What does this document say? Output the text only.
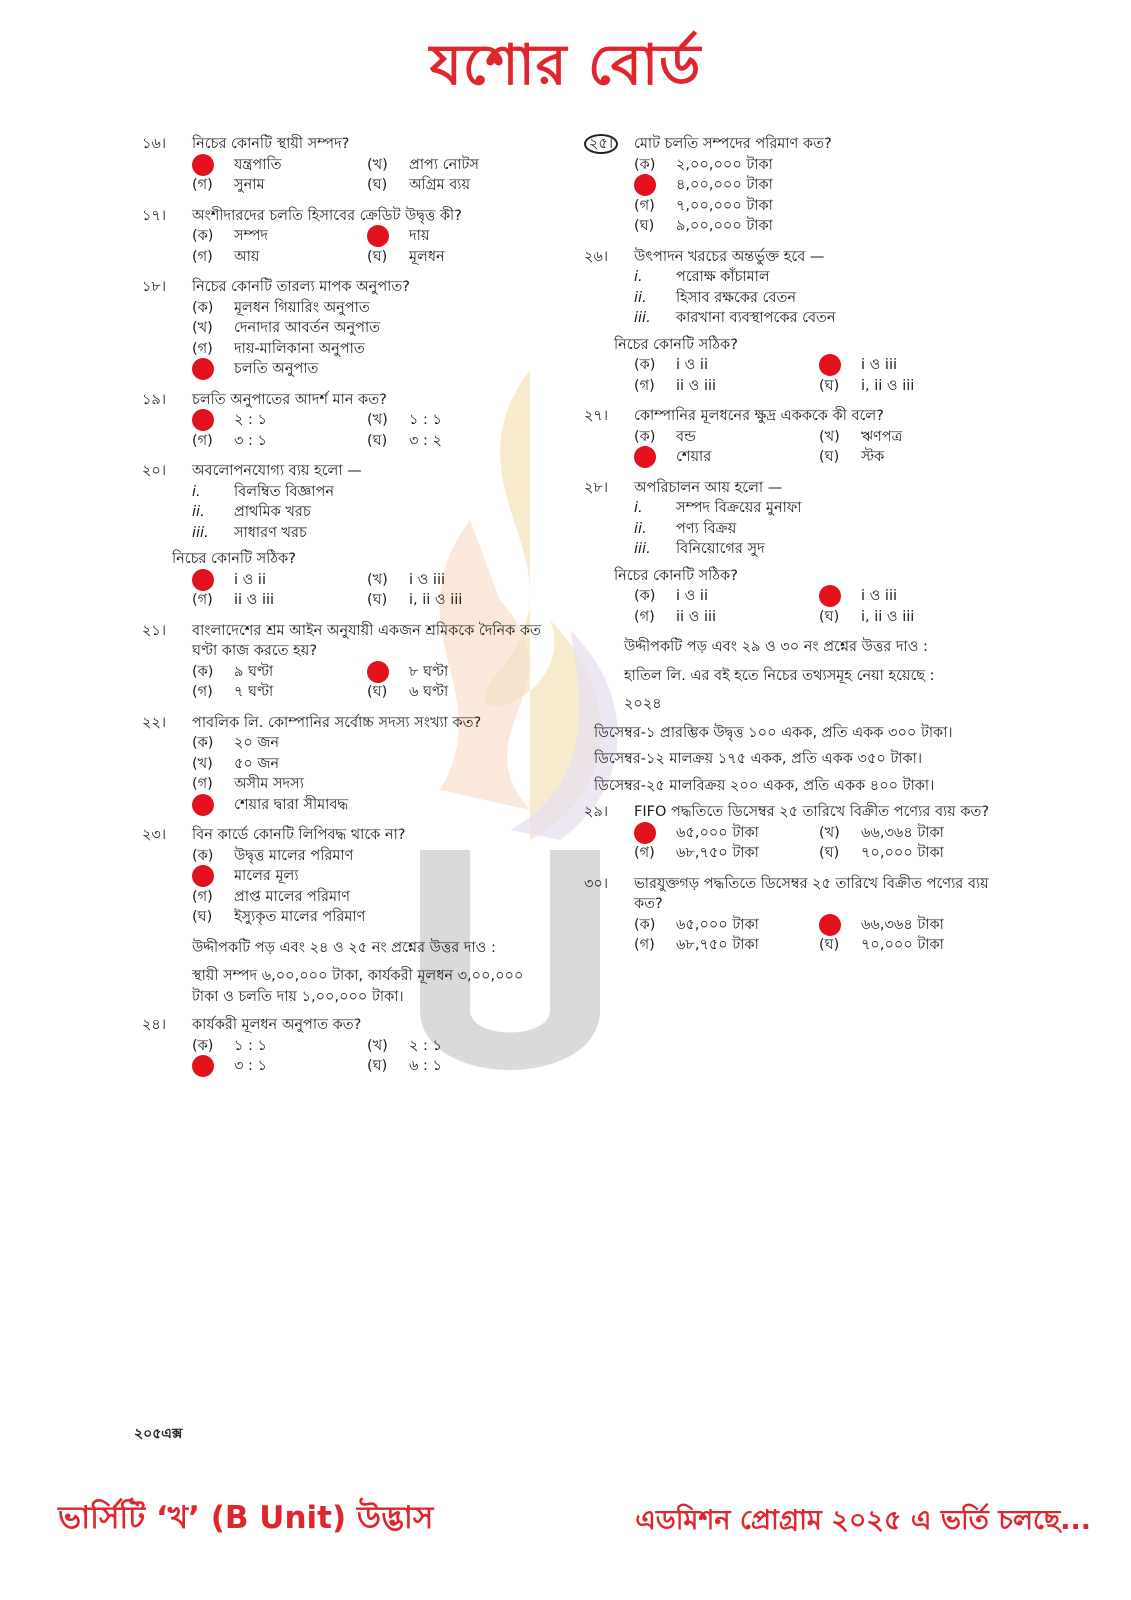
যশোর বোর্ড
১৬।	নিচের কোনটি স্থায়ী সম্পদ?
যন্ত্রপাতি	(খ)	প্রাপ্য নোটস
(গ)	সুনাম	(ঘ)	অগ্রিম ব্যয়
১৭।	অংশীদারদের চলতি হিসাবের ক্রেডিট উদ্বৃত্ত কী?
(ক)	সম্পদ	দায়
(গ)	আয়	(ঘ)	মূলধন
১৮।	নিচের কোনটি তারল্য মাপক অনুপাত?
(ক)	মূলধন গিয়ারিং অনুপাত
(খ)	দেনাদার আবর্তন অনুপাত
(গ)	দায়-মালিকানা অনুপাত
চলতি অনুপাত
১৯।	চলতি অনুপাতের আদর্শ মান কত?
২ : ১	(খ)	১ : ১
(গ)	৩ : ১	(ঘ)	৩ : ২
২০।	অবলোপনযোগ্য ব্যয় হলো —
i.	বিলম্বিত বিজ্ঞাপন
ii.	প্রাথমিক খরচ
iii.	সাধারণ খরচ
নিচের কোনটি সঠিক?
i ও ii	(খ)	i ও iii
(গ)	ii ও iii	(ঘ)	i, ii ও iii
২১।	বাংলাদেশের শ্রম আইন অনুযায়ী একজন শ্রমিককে দৈনিক কত ঘণ্টা কাজ করতে হয়?
(ক)	৯ ঘণ্টা	৮ ঘণ্টা
(গ)	৭ ঘণ্টা	(ঘ)	৬ ঘণ্টা
২২।	পাবলিক লি. কোম্পানির সর্বোচ্চ সদস্য সংখ্যা কত?
(ক)	২০ জন
(খ)	৫০ জন
(গ)	অসীম সদস্য
শেয়ার দ্বারা সীমাবদ্ধ
২৩।	বিন কার্ডে কোনটি লিপিবদ্ধ থাকে না?
(ক)	উদ্বৃত্ত মালের পরিমাণ
মালের মূল্য
(গ)	প্রাপ্ত মালের পরিমাণ
(ঘ)	ইস্যুকৃত মালের পরিমাণ
উদ্দীপকটি পড় এবং ২৪ ও ২৫ নং প্রশ্নের উত্তর দাও :
স্থায়ী সম্পদ ৬,০০,০০০ টাকা, কার্যকরী মূলধন ৩,০০,০০০ টাকা ও চলতি দায় ১,০০,০০০ টাকা।
২৪।	কার্যকরী মূলধন অনুপাত কত?
(ক)	১ : ১	(খ)	২ : ১
৩ : ১	(ঘ)	৬ : ১
২৫।	মোট চলতি সম্পদের পরিমাণ কত?
(ক)	২,০০,০০০ টাকা
৪,০০,০০০ টাকা
(গ)	৭,০০,০০০ টাকা
(ঘ)	৯,০০,০০০ টাকা
২৬।	উৎপাদন খরচের অন্তর্ভুক্ত হবে —
i.	পরোক্ষ কাঁচামাল
ii.	হিসাব রক্ষকের বেতন
iii.	কারখানা ব্যবস্থাপকের বেতন
নিচের কোনটি সঠিক?
(ক)	i ও ii	i ও iii
(গ)	ii ও iii	(ঘ)	i, ii ও iii
২৭।	কোম্পানির মূলধনের ক্ষুদ্র একককে কী বলে?
(ক)	বন্ড	(খ)	ঋণপত্র
শেয়ার	(ঘ)	স্টক
২৮।	অপরিচালন আয় হলো —
i.	সম্পদ বিক্রয়ের মুনাফা
ii.	পণ্য বিক্রয়
iii.	বিনিয়োগের সুদ
নিচের কোনটি সঠিক?
(ক)	i ও ii	i ও iii
(গ)	ii ও iii	(ঘ)	i, ii ও iii
উদ্দীপকটি পড় এবং ২৯ ও ৩০ নং প্রশ্নের উত্তর দাও :
হাতিল লি. এর বই হতে নিচের তথ্যসমূহ নেয়া হয়েছে :
২০২৪
ডিসেম্বর-১ প্রারম্ভিক উদ্বৃত্ত ১০০ একক, প্রতি একক ৩০০ টাকা।
ডিসেম্বর-১২ মালক্রয় ১৭৫ একক, প্রতি একক ৩৫০ টাকা।
ডিসেম্বর-২৫ মালবিক্রয় ২০০ একক, প্রতি একক ৪০০ টাকা।
২৯।	FIFO পদ্ধতিতে ডিসেম্বর ২৫ তারিখে বিক্রীত পণ্যের ব্যয় কত?
৬৫,০০০ টাকা	(খ)	৬৬,৩৬৪ টাকা
(গ)	৬৮,৭৫০ টাকা	(ঘ)	৭০,০০০ টাকা
৩০।	ভারযুক্তগড় পদ্ধতিতে ডিসেম্বর ২৫ তারিখে বিক্রীত পণ্যের ব্যয় কত?
(ক)	৬৫,০০০ টাকা	৬৬,৩৬৪ টাকা
(গ)	৬৮,৭৫০ টাকা	(ঘ)	৭০,০০০ টাকা
২০৫এক্স
ভার্সিটি ‘খ’ (B Unit) উদ্ভাস	এডমিশন প্রোগ্রাম ২০২৫ এ ভর্তি চলছে...
